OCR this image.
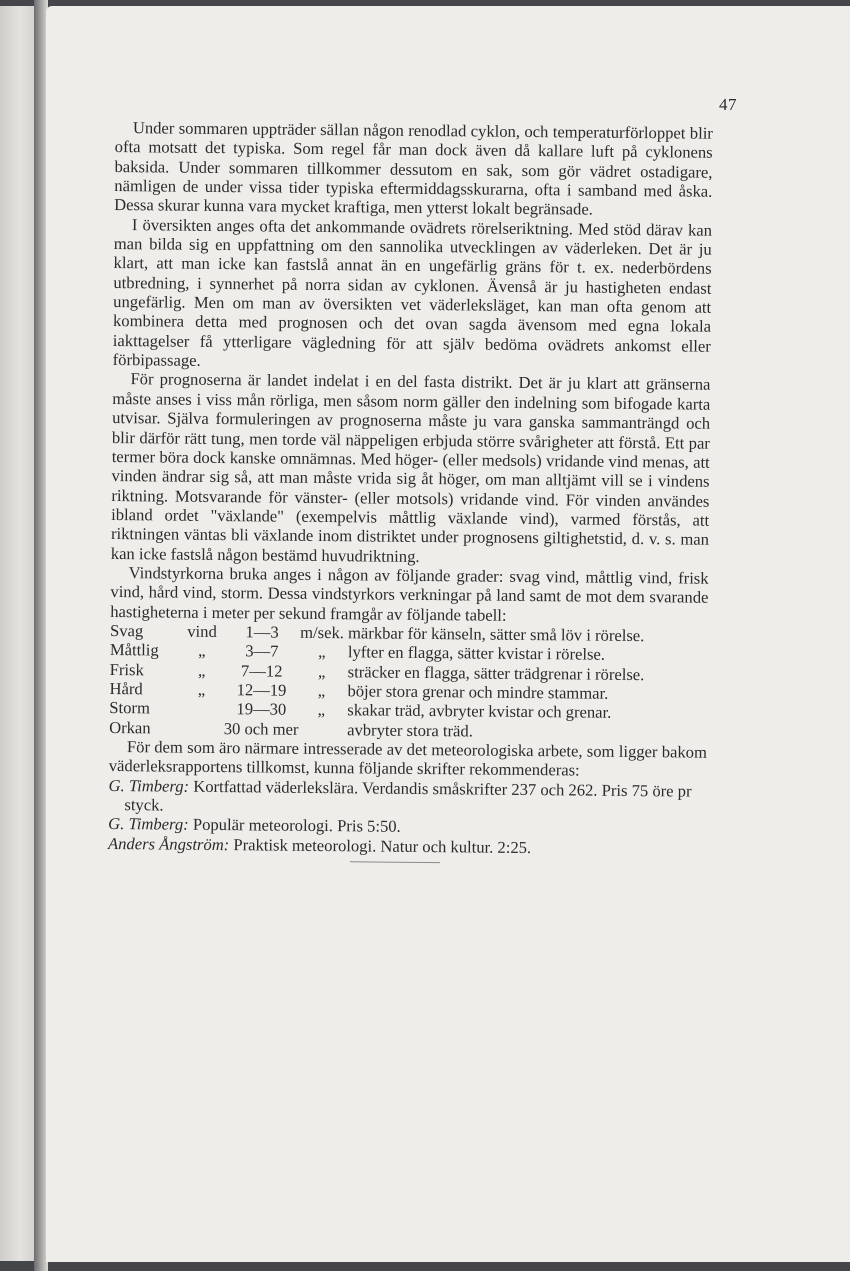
47

Under sommaren uppträder sällan någon renodlad cyklon, och temperaturförloppet blir ofta motsatt det typiska. Som regel får man dock även då kallare luft på cyklonens baksida. Under sommaren tillkommer dessutom en sak, som gör vädret ostadigare, nämligen de under vissa tider typiska eftermiddagsskurarna, ofta i samband med åska. Dessa skurar kunna vara mycket kraftiga, men ytterst lokalt begränsade.

I översikten anges ofta det ankommande ovädrets rörelseriktning. Med stöd därav kan man bilda sig en uppfattning om den sannolika utvecklingen av väderleken. Det är ju klart, att man icke kan fastslå annat än en ungefärlig gräns för t. ex. nederbördens utbredning, i synnerhet på norra sidan av cyklonen. Ävenså är ju hastigheten endast ungefärlig. Men om man av översikten vet väderleksläget, kan man ofta genom att kombinera detta med prognosen och det ovan sagda ävensom med egna lokala iakttagelser få ytterligare vägledning för att själv bedöma ovädrets ankomst eller förbipassage.

För prognoserna är landet indelat i en del fasta distrikt. Det är ju klart att gränserna måste anses i viss mån rörliga, men såsom norm gäller den indelning som bifogade karta utvisar. Själva formuleringen av prognoserna måste ju vara ganska sammanträngd och blir därför rätt tung, men torde väl näppeligen erbjuda större svårigheter att förstå. Ett par termer böra dock kanske omnämnas. Med höger- (eller medsols) vridande vind menas, att vinden ändrar sig så, att man måste vrida sig åt höger, om man alltjämt vill se i vindens riktning. Motsvarande för vänster- (eller motsols) vridande vind. För vinden användes ibland ordet "växlande" (exempelvis måttlig växlande vind), varmed förstås, att riktningen väntas bli växlande inom distriktet under prognosens giltighetstid, d. v. s. man kan icke fastslå någon bestämd huvudriktning.

Vindstyrkorna bruka anges i någon av följande grader: svag vind, måttlig vind, frisk vind, hård vind, storm. Dessa vindstyrkors verkningar på land samt de mot dem svarande hastigheterna i meter per sekund framgår av följande tabell:

Svag	vind	1—3	m/sek.	märkbar för känseln, sätter små löv i rörelse.
Måttlig	„	3—7	„	lyfter en flagga, sätter kvistar i rörelse.
Frisk	„	7—12	„	sträcker en flagga, sätter trädgrenar i rörelse.
Hård	„	12—19	„	böjer stora grenar och mindre stammar.
Storm		19—30	„	skakar träd, avbryter kvistar och grenar.
Orkan	30 och mer			avbryter stora träd.

För dem som äro närmare intresserade av det meteorologiska arbete, som ligger bakom väderleksrapportens tillkomst, kunna följande skrifter rekommenderas:

G. Timberg: Kortfattad väderlekslära. Verdandis småskrifter 237 och 262. Pris 75 öre pr styck.

G. Timberg: Populär meteorologi. Pris 5:50.

Anders Ångström: Praktisk meteorologi. Natur och kultur. 2:25.
